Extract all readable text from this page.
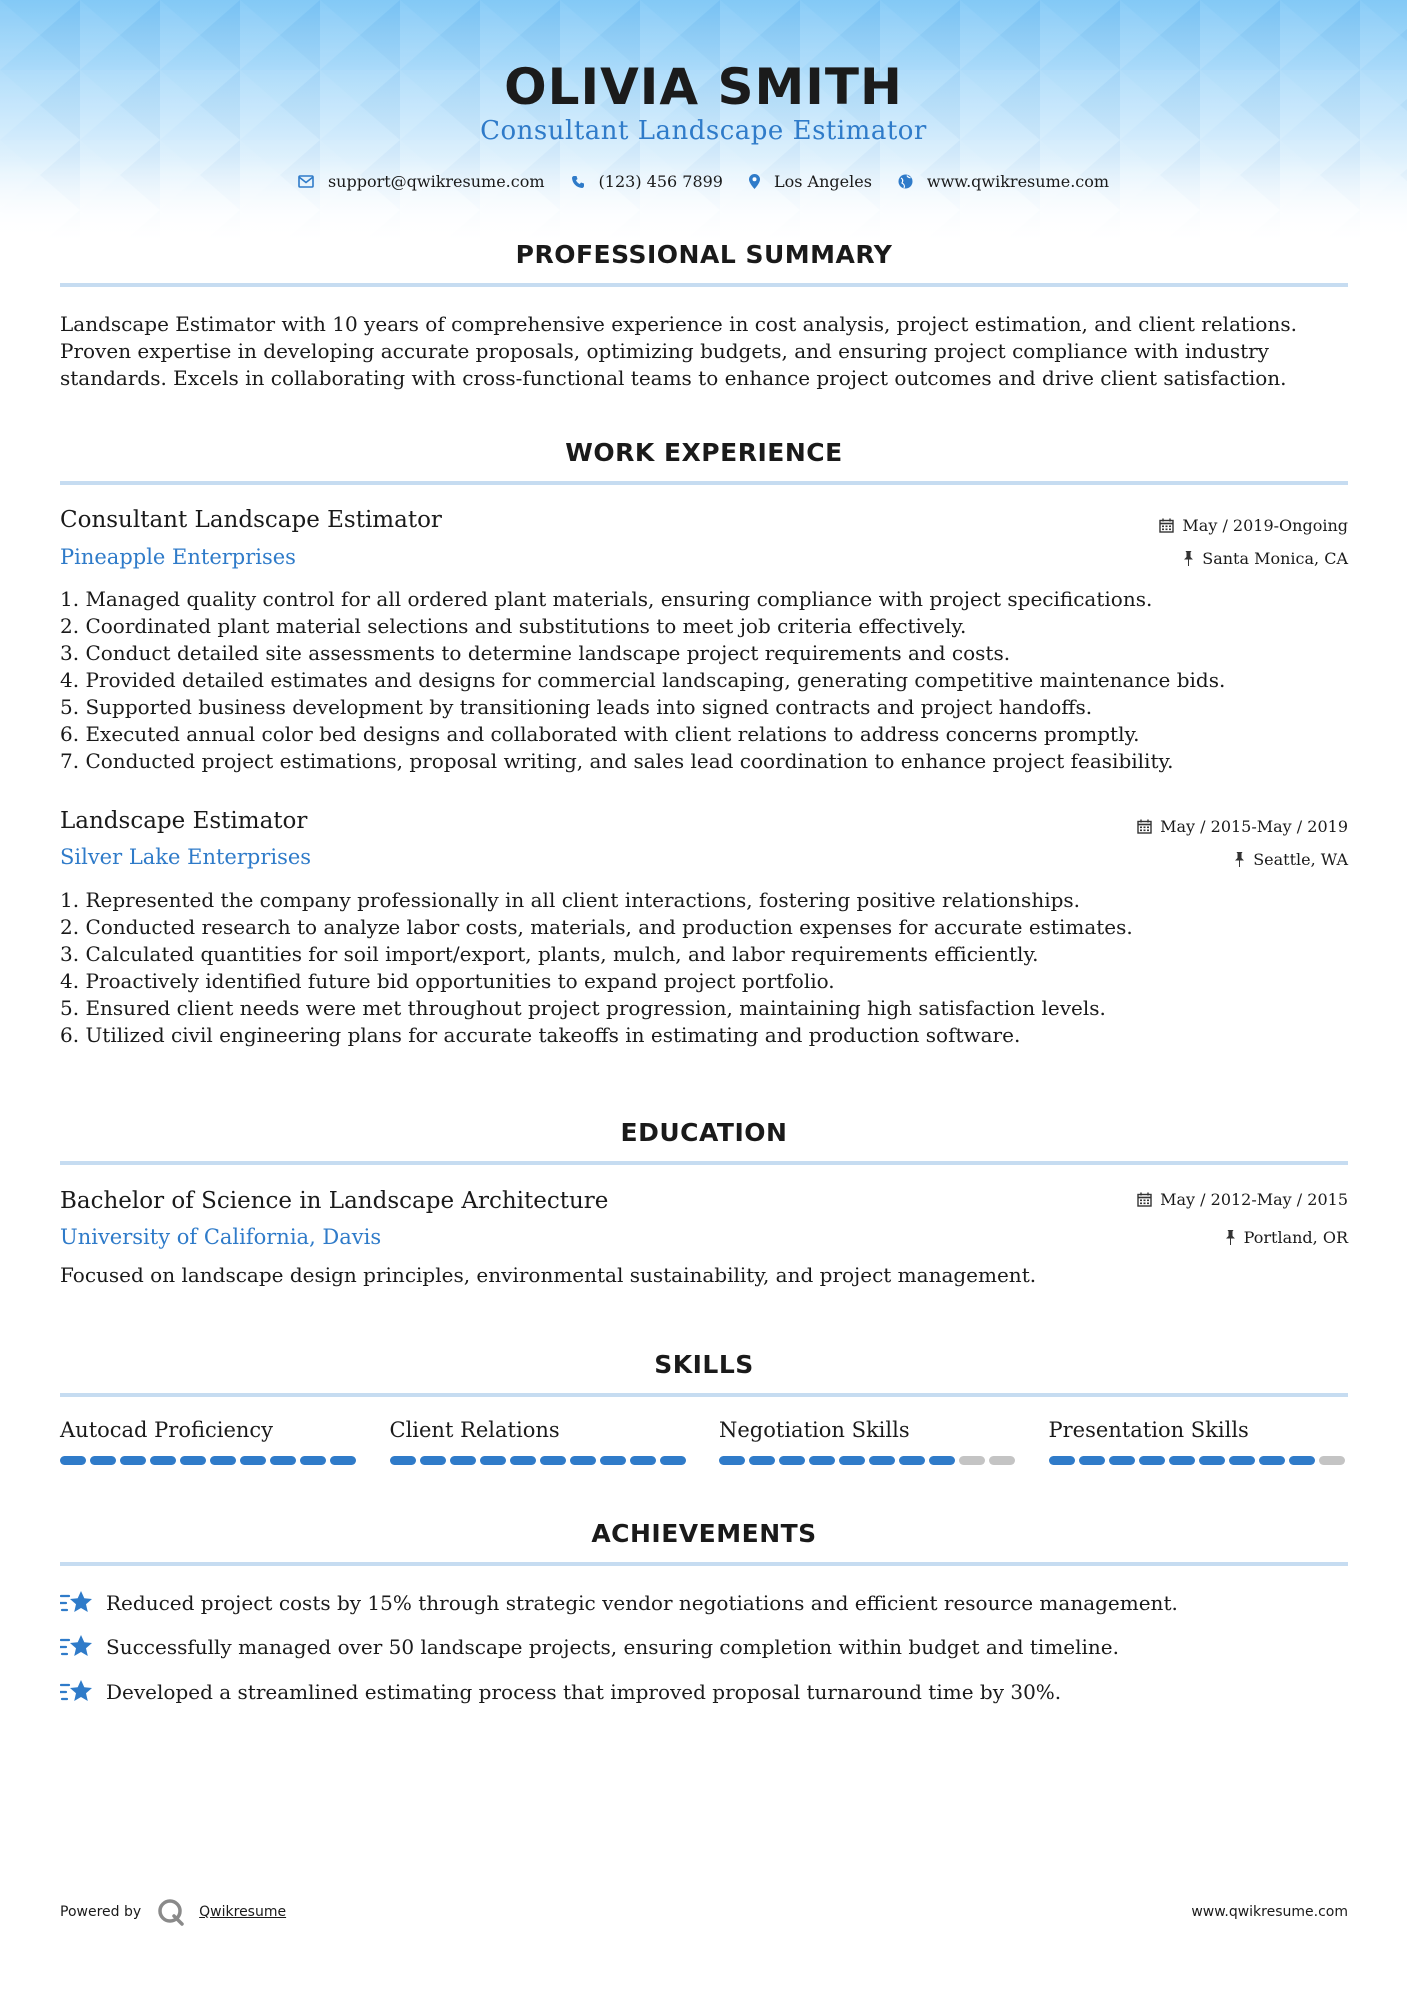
OLIVIA SMITH
Consultant Landscape Estimator
support@qwikresume.com	(123) 456 7899	Los Angeles	www.qwikresume.com
PROFESSIONAL SUMMARY
Landscape Estimator with 10 years of comprehensive experience in cost analysis, project estimation, and client relations.
Proven expertise in developing accurate proposals, optimizing budgets, and ensuring project compliance with industry
standards. Excels in collaborating with cross-functional teams to enhance project outcomes and drive client satisfaction.
WORK EXPERIENCE
Consultant Landscape Estimator	May / 2019-Ongoing
Pineapple Enterprises	Santa Monica, CA
1. Managed quality control for all ordered plant materials, ensuring compliance with project specifications.
2. Coordinated plant material selections and substitutions to meet job criteria effectively.
3. Conduct detailed site assessments to determine landscape project requirements and costs.
4. Provided detailed estimates and designs for commercial landscaping, generating competitive maintenance bids.
5. Supported business development by transitioning leads into signed contracts and project handoffs.
6. Executed annual color bed designs and collaborated with client relations to address concerns promptly.
7. Conducted project estimations, proposal writing, and sales lead coordination to enhance project feasibility.
Landscape Estimator	May / 2015-May / 2019
Silver Lake Enterprises	Seattle, WA
1. Represented the company professionally in all client interactions, fostering positive relationships.
2. Conducted research to analyze labor costs, materials, and production expenses for accurate estimates.
3. Calculated quantities for soil import/export, plants, mulch, and labor requirements efficiently.
4. Proactively identified future bid opportunities to expand project portfolio.
5. Ensured client needs were met throughout project progression, maintaining high satisfaction levels.
6. Utilized civil engineering plans for accurate takeoffs in estimating and production software.
EDUCATION
Bachelor of Science in Landscape Architecture	May / 2012-May / 2015
University of California, Davis	Portland, OR
Focused on landscape design principles, environmental sustainability, and project management.
SKILLS
Autocad Proficiency	Client Relations	Negotiation Skills	Presentation Skills
ACHIEVEMENTS
Reduced project costs by 15% through strategic vendor negotiations and efficient resource management.
Successfully managed over 50 landscape projects, ensuring completion within budget and timeline.
Developed a streamlined estimating process that improved proposal turnaround time by 30%.
Powered by	Qwikresume	www.qwikresume.com
